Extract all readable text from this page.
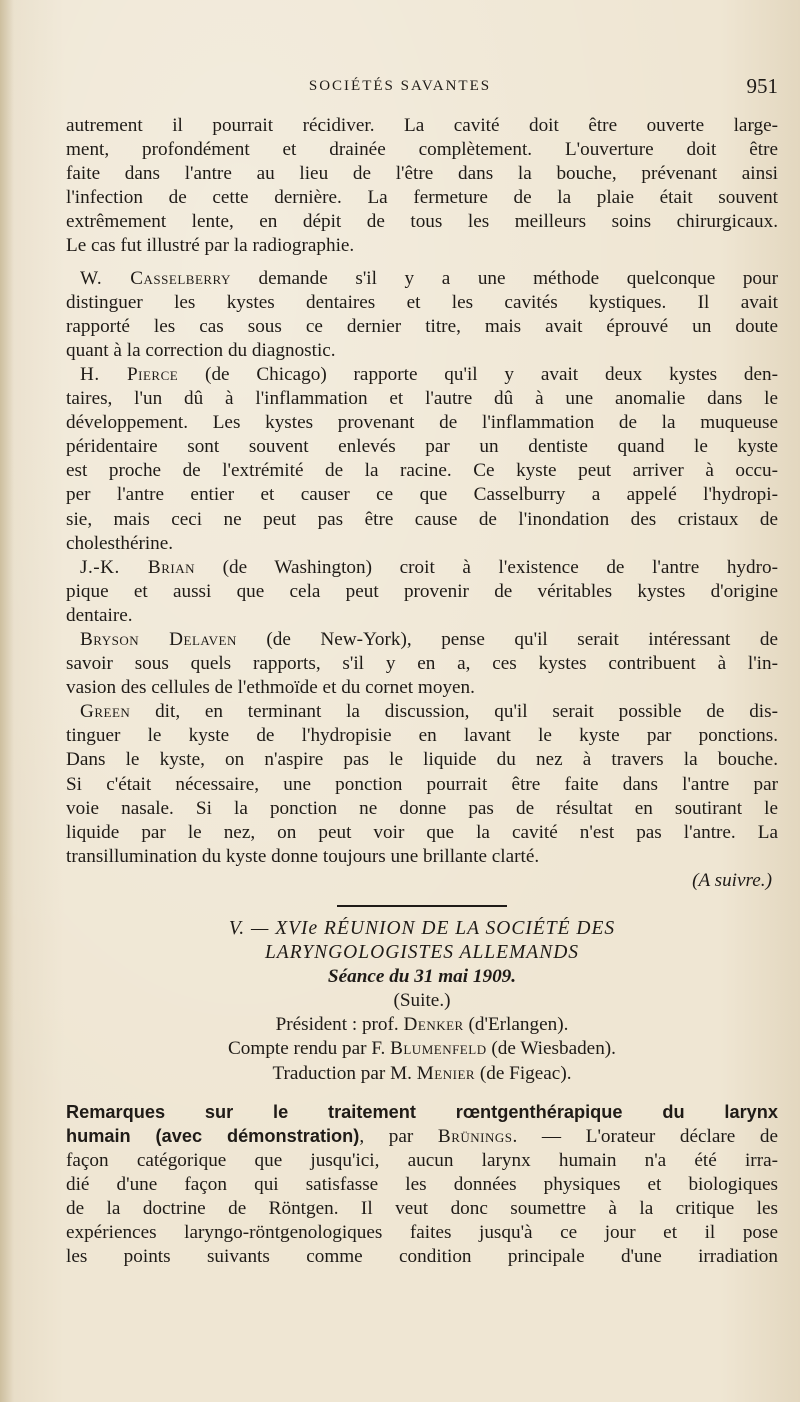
SOCIÉTÉS SAVANTES	951
autrement il pourrait récidiver. La cavité doit être ouverte large-
ment, profondément et drainée complètement. L'ouverture doit être
faite dans l'antre au lieu de l'être dans la bouche, prévenant ainsi
l'infection de cette dernière. La fermeture de la plaie était souvent
extrêmement lente, en dépit de tous les meilleurs soins chirurgicaux.
Le cas fut illustré par la radiographie.
W. Casselberry demande s'il y a une méthode quelconque pour
distinguer les kystes dentaires et les cavités kystiques. Il avait
rapporté les cas sous ce dernier titre, mais avait éprouvé un doute
quant à la correction du diagnostic.
H. Pierce (de Chicago) rapporte qu'il y avait deux kystes den-
taires, l'un dû à l'inflammation et l'autre dû à une anomalie dans le
développement. Les kystes provenant de l'inflammation de la muqueuse
péridentaire sont souvent enlevés par un dentiste quand le kyste
est proche de l'extrémité de la racine. Ce kyste peut arriver à occu-
per l'antre entier et causer ce que Casselburry a appelé l'hydropi-
sie, mais ceci ne peut pas être cause de l'inondation des cristaux de
cholesthérine.
J.-K. Brian (de Washington) croit à l'existence de l'antre hydro-
pique et aussi que cela peut provenir de véritables kystes d'origine
dentaire.
Bryson Delaven (de New-York), pense qu'il serait intéressant de
savoir sous quels rapports, s'il y en a, ces kystes contribuent à l'in-
vasion des cellules de l'ethmoïde et du cornet moyen.
Green dit, en terminant la discussion, qu'il serait possible de dis-
tinguer le kyste de l'hydropisie en lavant le kyste par ponctions.
Dans le kyste, on n'aspire pas le liquide du nez à travers la bouche.
Si c'était nécessaire, une ponction pourrait être faite dans l'antre par
voie nasale. Si la ponction ne donne pas de résultat en soutirant le
liquide par le nez, on peut voir que la cavité n'est pas l'antre. La
transillumination du kyste donne toujours une brillante clarté.
(A suivre.)
V. — XVIe RÉUNION DE LA SOCIÉTÉ DES
LARYNGOLOGISTES ALLEMANDS
Séance du 31 mai 1909.
(Suite.)
Président : prof. Denker (d'Erlangen).
Compte rendu par F. Blumenfeld (de Wiesbaden).
Traduction par M. Menier (de Figeac).
Remarques sur le traitement rœntgenthérapique du larynx
humain (avec démonstration), par Brünings. — L'orateur déclare de
façon catégorique que jusqu'ici, aucun larynx humain n'a été irra-
dié d'une façon qui satisfasse les données physiques et biologiques
de la doctrine de Röntgen. Il veut donc soumettre à la critique les
expériences laryngo-röntgenologiques faites jusqu'à ce jour et il pose
les points suivants comme condition principale d'une irradiation
